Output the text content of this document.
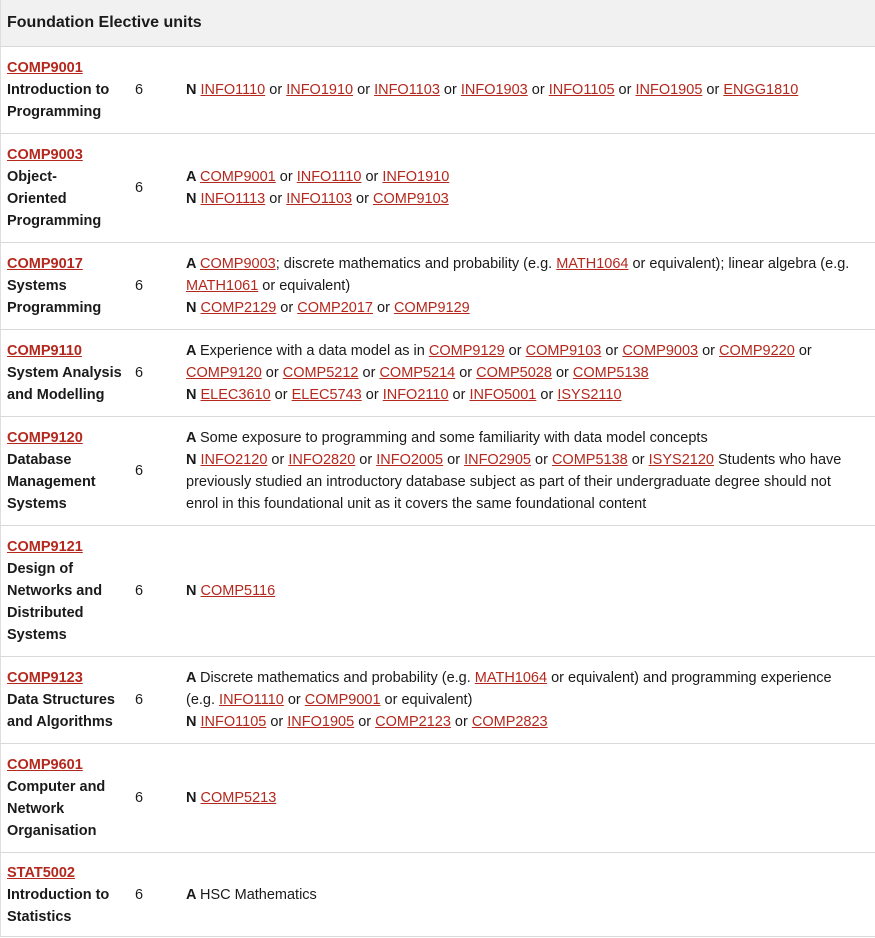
Foundation Elective units
COMP9001
Introduction to
Programming
6	N INFO1110 or INFO1910 or INFO1103 or INFO1903 or INFO1105 or INFO1905 or ENGG1810
COMP9003
Object-
Oriented
Programming
6
A COMP9001 or INFO1110 or INFO1910
N INFO1113 or INFO1103 or COMP9103
COMP9017
Systems
Programming
6
A COMP9003; discrete mathematics and probability (e.g. MATH1064 or equivalent); linear algebra (e.g. MATH1061 or equivalent)
N COMP2129 or COMP2017 or COMP9129
COMP9110
System Analysis
and Modelling
6
A Experience with a data model as in COMP9129 or COMP9103 or COMP9003 or COMP9220 or COMP9120 or COMP5212 or COMP5214 or COMP5028 or COMP5138
N ELEC3610 or ELEC5743 or INFO2110 or INFO5001 or ISYS2110
COMP9120
Database
Management
Systems
6
A Some exposure to programming and some familiarity with data model concepts
N INFO2120 or INFO2820 or INFO2005 or INFO2905 or COMP5138 or ISYS2120 Students who have previously studied an introductory database subject as part of their undergraduate degree should not enrol in this foundational unit as it covers the same foundational content
COMP9121
Design of
Networks and
Distributed
Systems
6	N COMP5116
COMP9123
Data Structures
and Algorithms
6
A Discrete mathematics and probability (e.g. MATH1064 or equivalent) and programming experience (e.g. INFO1110 or COMP9001 or equivalent)
N INFO1105 or INFO1905 or COMP2123 or COMP2823
COMP9601
Computer and
Network
Organisation
6	N COMP5213
STAT5002
Introduction to
Statistics
6	A HSC Mathematics
